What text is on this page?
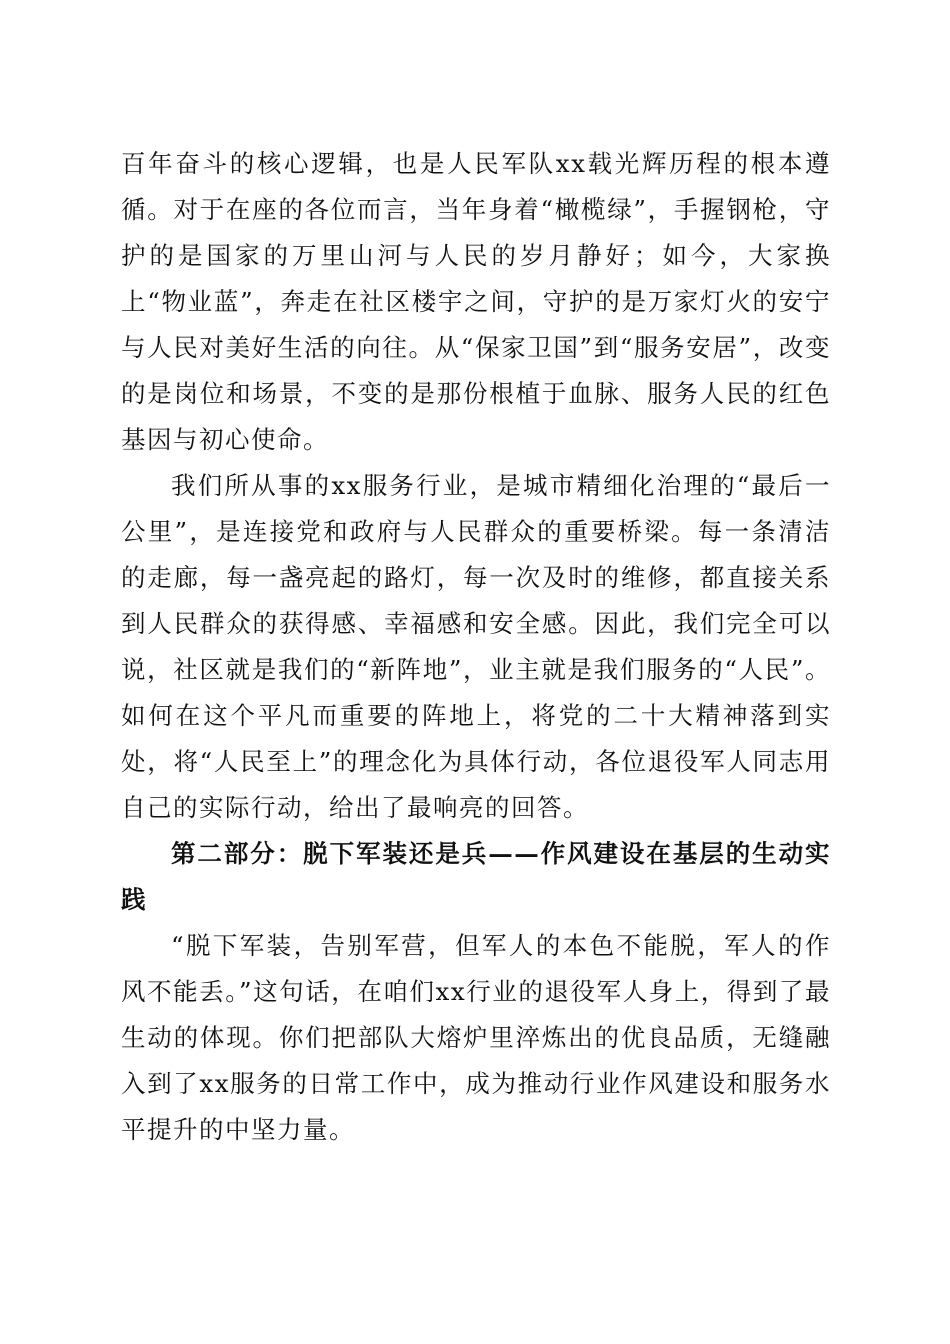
百年奋斗的核心逻辑，也是人民军队xx载光辉历程的根本遵循。对于在座的各位而言，当年身着“橄榄绿”，手握钢枪，守护的是国家的万里山河与人民的岁月静好；如今，大家换上“物业蓝”，奔走在社区楼宇之间，守护的是万家灯火的安宁与人民对美好生活的向往。从“保家卫国”到“服务安居”，改变的是岗位和场景，不变的是那份根植于血脉、服务人民的红色基因与初心使命。

我们所从事的xx服务行业，是城市精细化治理的“最后一公里”，是连接党和政府与人民群众的重要桥梁。每一条清洁的走廊，每一盏亮起的路灯，每一次及时的维修，都直接关系到人民群众的获得感、幸福感和安全感。因此，我们完全可以说，社区就是我们的“新阵地”，业主就是我们服务的“人民”。如何在这个平凡而重要的阵地上，将党的二十大精神落到实处，将“人民至上”的理念化为具体行动，各位退役军人同志用自己的实际行动，给出了最响亮的回答。

第二部分：脱下军装还是兵——作风建设在基层的生动实践

“脱下军装，告别军营，但军人的本色不能脱，军人的作风不能丢。”这句话，在咱们xx行业的退役军人身上，得到了最生动的体现。你们把部队大熔炉里淬炼出的优良品质，无缝融入到了xx服务的日常工作中，成为推动行业作风建设和服务水平提升的中坚力量。
